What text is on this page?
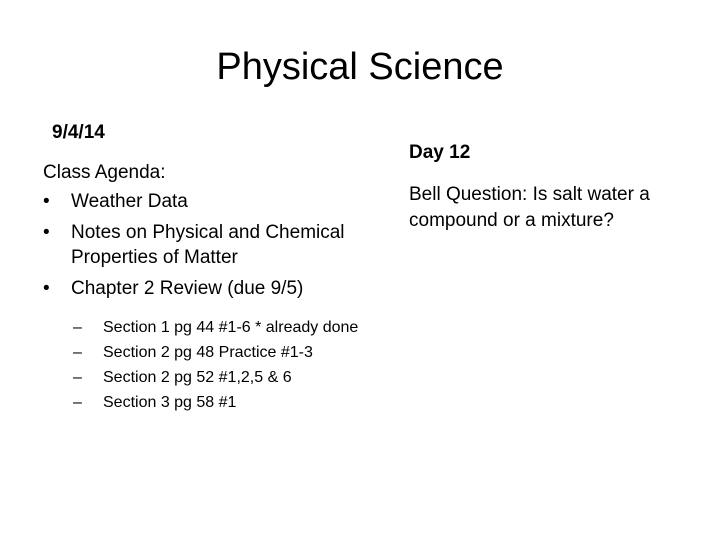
Physical Science
9/4/14
Class Agenda:
•	Weather Data
•	Notes on Physical and Chemical Properties of Matter
•	Chapter 2 Review (due 9/5)
–	Section 1 pg 44 #1-6 * already done
–	Section 2 pg 48 Practice #1-3
–	Section 2 pg 52 #1,2,5 & 6
–	Section 3 pg 58 #1
Day 12
Bell Question: Is salt water a compound or a mixture?
